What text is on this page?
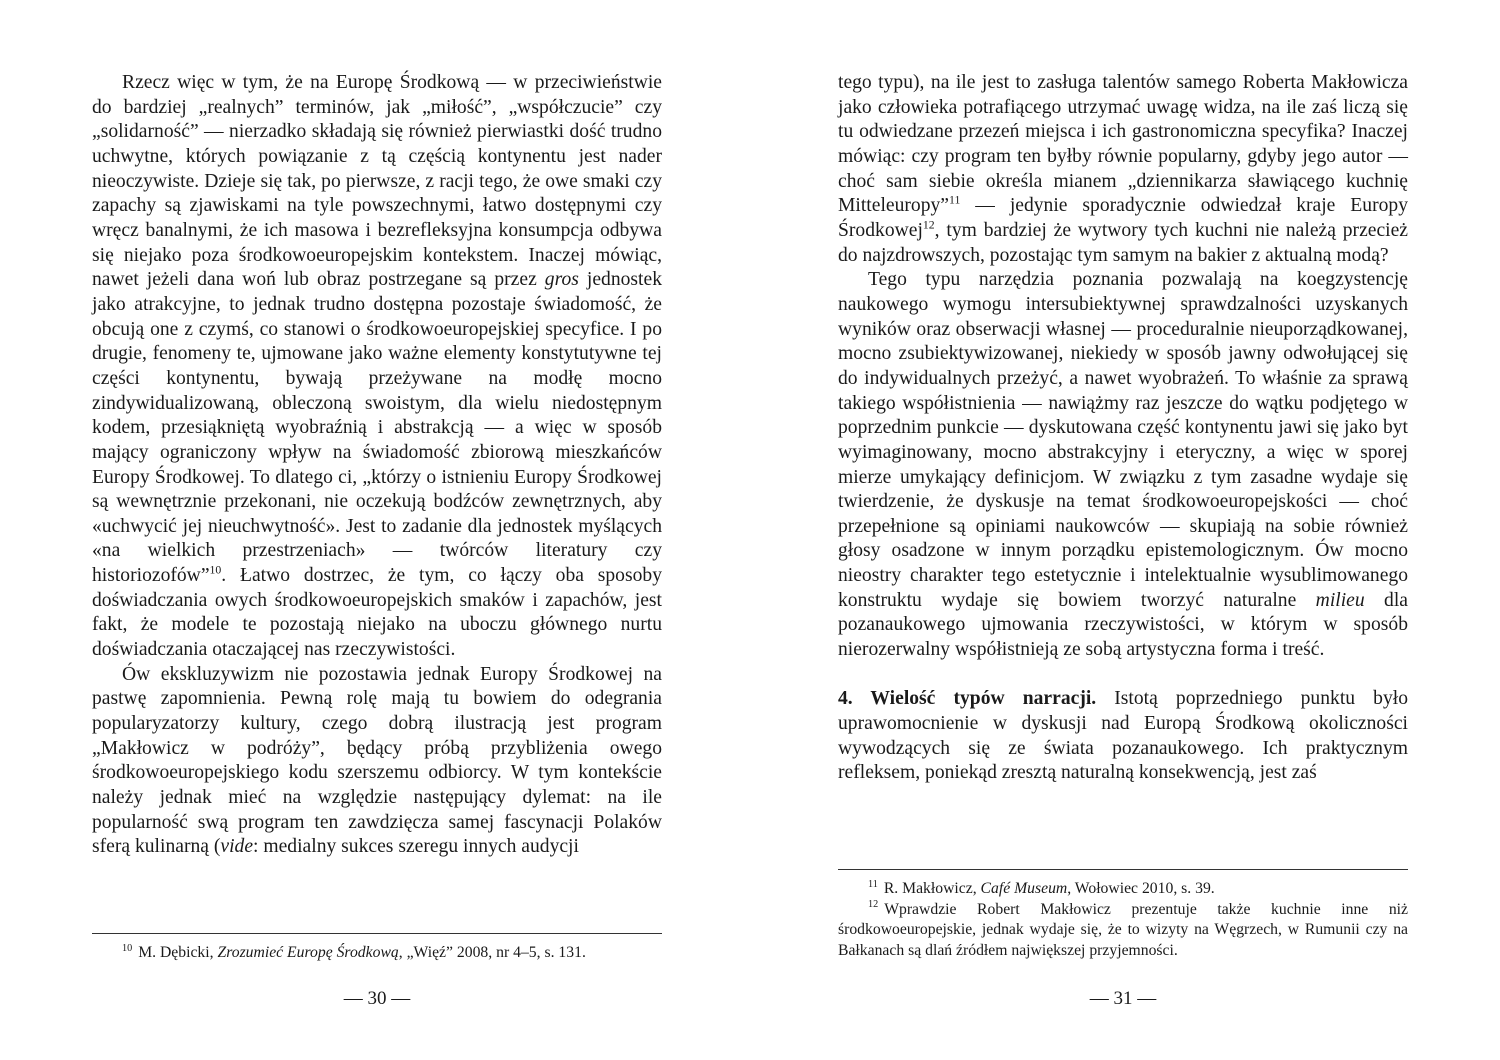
Rzecz więc w tym, że na Europę Środkową — w przeciwieństwie do bardziej „realnych” terminów, jak „miłość”, „współczucie” czy „solidarność” — nierzadko składają się również pierwiastki dość trudno uchwytne, których powiązanie z tą częścią kontynentu jest nader nieoczywiste. Dzieje się tak, po pierwsze, z racji tego, że owe smaki czy zapachy są zjawiskami na tyle powszechnymi, łatwo dostępnymi czy wręcz banalnymi, że ich masowa i bezrefleksyjna konsumpcja odbywa się niejako poza środkowoeuropejskim kontekstem. Inaczej mówiąc, nawet jeżeli dana woń lub obraz postrzegane są przez gros jednostek jako atrakcyjne, to jednak trudno dostępna pozostaje świadomość, że obcują one z czymś, co stanowi o środkowoeuropejskiej specyfice. I po drugie, fenomeny te, ujmowane jako ważne elementy konstytutywne tej części kontynentu, bywają przeżywane na modłę mocno zindywidualizowaną, obleczoną swoistym, dla wielu niedostępnym kodem, przesiąkniętą wyobraźnią i abstrakcją — a więc w sposób mający ograniczony wpływ na świadomość zbiorową mieszkańców Europy Środkowej. To dlatego ci, „którzy o istnieniu Europy Środkowej są wewnętrznie przekonani, nie oczekują bodźców zewnętrznych, aby «uchwycić jej nieuchwytność». Jest to zadanie dla jednostek myślących «na wielkich przestrzeniach» — twórców literatury czy historiozofów”$^{10}$. Łatwo dostrzec, że tym, co łączy oba sposoby doświadczania owych środkowoeuropejskich smaków i zapachów, jest fakt, że modele te pozostają niejako na uboczu głównego nurtu doświadczania otaczającej nas rzeczywistości.

Ów ekskluzywizm nie pozostawia jednak Europy Środkowej na pastwę zapomnienia. Pewną rolę mają tu bowiem do odegrania popularyzatorzy kultury, czego dobrą ilustracją jest program „Makłowicz w podróży”, będący próbą przybliżenia owego środkowoeuropejskiego kodu szerszemu odbiorcy. W tym kontekście należy jednak mieć na względzie następujący dylemat: na ile popularność swą program ten zawdzięcza samej fascynacji Polaków sferą kulinarną (vide: medialny sukces szeregu innych audycji

$^{10}$ M. Dębicki, Zrozumieć Europę Środkową, „Więź” 2008, nr 4–5, s. 131.

— 30 —

tego typu), na ile jest to zasługa talentów samego Roberta Makłowicza jako człowieka potrafiącego utrzymać uwagę widza, na ile zaś liczą się tu odwiedzane przezeń miejsca i ich gastronomiczna specyfika? Inaczej mówiąc: czy program ten byłby równie popularny, gdyby jego autor — choć sam siebie określa mianem „dziennikarza sławiącego kuchnię Mitteleuropy”$^{11}$ — jedynie sporadycznie odwiedzał kraje Europy Środkowej$^{12}$, tym bardziej że wytwory tych kuchni nie należą przecież do najzdrowszych, pozostając tym samym na bakier z aktualną modą?

Tego typu narzędzia poznania pozwalają na koegzystencję naukowego wymogu intersubiektywnej sprawdzalności uzyskanych wyników oraz obserwacji własnej — proceduralnie nieuporządkowanej, mocno zsubiektywizowanej, niekiedy w sposób jawny odwołującej się do indywidualnych przeżyć, a nawet wyobrażeń. To właśnie za sprawą takiego współistnienia — nawiążmy raz jeszcze do wątku podjętego w poprzednim punkcie — dyskutowana część kontynentu jawi się jako byt wyimaginowany, mocno abstrakcyjny i eteryczny, a więc w sporej mierze umykający definicjom. W związku z tym zasadne wydaje się twierdzenie, że dyskusje na temat środkowoeuropejskości — choć przepełnione są opiniami naukowców — skupiają na sobie również głosy osadzone w innym porządku epistemologicznym. Ów mocno nieostry charakter tego estetycznie i intelektualnie wysublimowanego konstruktu wydaje się bowiem tworzyć naturalne milieu dla pozanaukowego ujmowania rzeczywistości, w którym w sposób nierozerwalny współistnieją ze sobą artystyczna forma i treść.

4. Wielość typów narracji. Istotą poprzedniego punktu było uprawomocnienie w dyskusji nad Europą Środkową okoliczności wywodzących się ze świata pozanaukowego. Ich praktycznym refleksem, poniekąd zresztą naturalną konsekwencją, jest zaś

$^{11}$ R. Makłowicz, Café Museum, Wołowiec 2010, s. 39.

$^{12}$ Wprawdzie Robert Makłowicz prezentuje także kuchnie inne niż środkowoeuropejskie, jednak wydaje się, że to wizyty na Węgrzech, w Rumunii czy na Bałkanach są dlań źródłem największej przyjemności.

— 31 —
